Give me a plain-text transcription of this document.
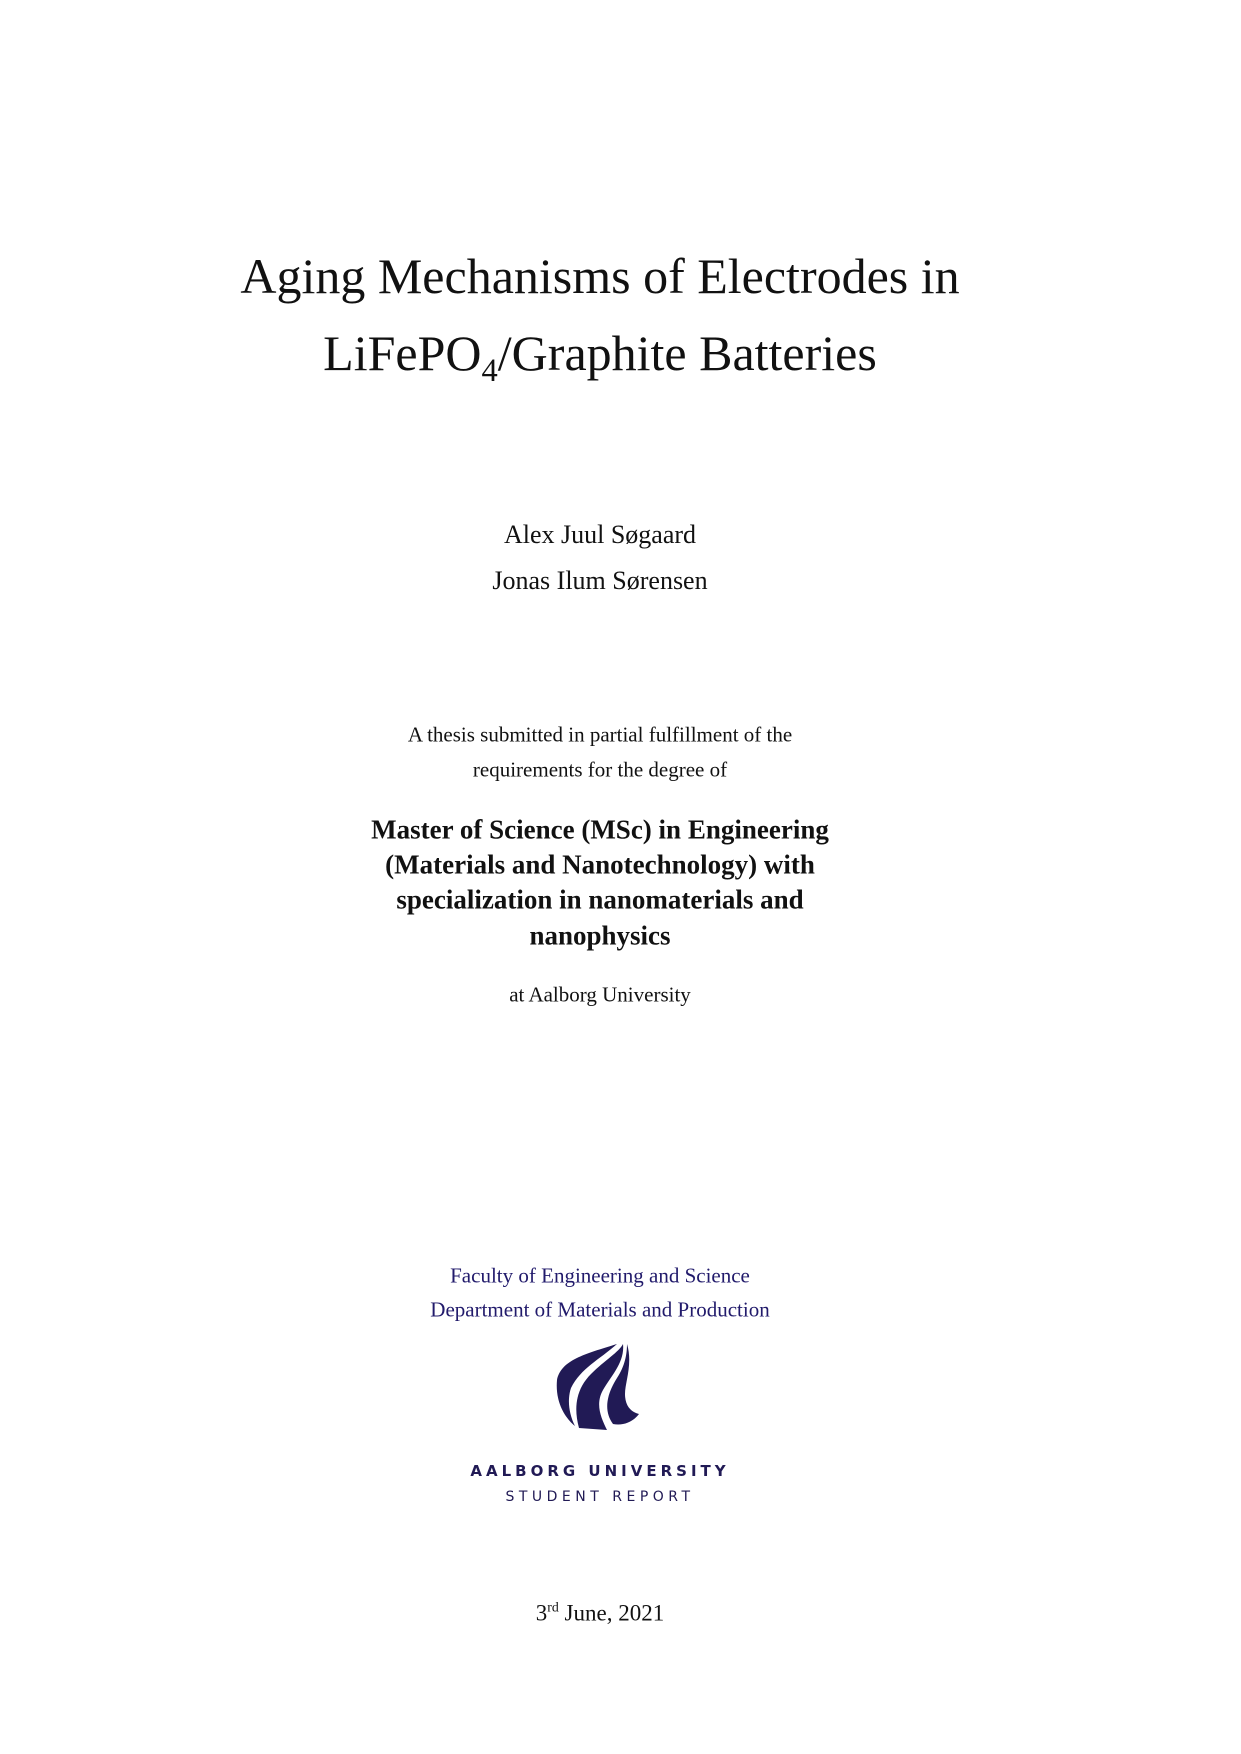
Aging Mechanisms of Electrodes in
LiFePO$_4$/Graphite Batteries
Alex Juul Søgaard
Jonas Ilum Sørensen
A thesis submitted in partial fulfillment of the
requirements for the degree of
Master of Science (MSc) in Engineering
(Materials and Nanotechnology) with
specialization in nanomaterials and
nanophysics
at Aalborg University
Faculty of Engineering and Science
Department of Materials and Production
AALBORG UNIVERSITY
STUDENT REPORT
3rd June, 2021
